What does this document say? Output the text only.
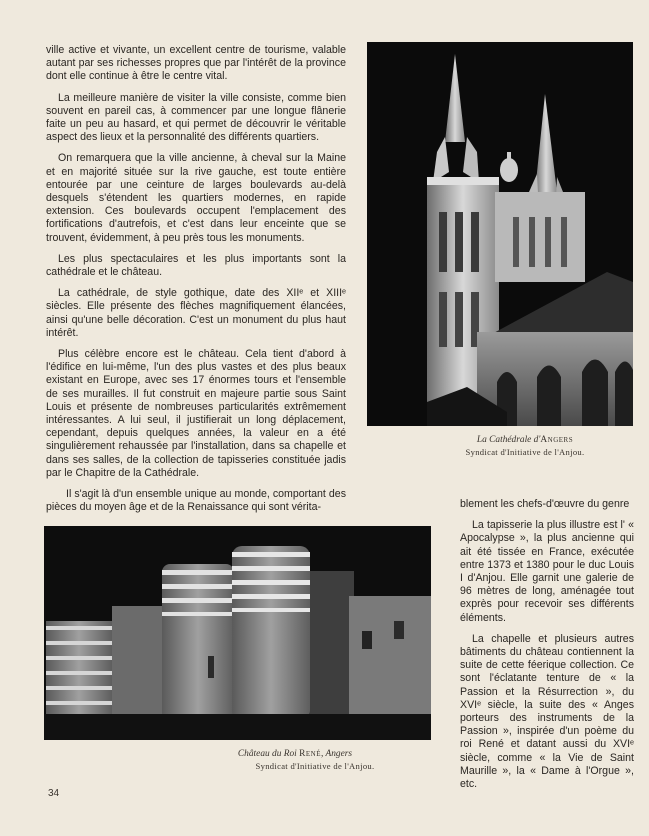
ville active et vivante, un excellent centre de tourisme, valable autant par ses richesses propres que par l'intérêt de la province dont elle continue à être le centre vital.

La meilleure manière de visiter la ville consiste, comme bien souvent en pareil cas, à commencer par une longue flânerie faite un peu au hasard, et qui permet de découvrir le véritable aspect des lieux et la personnalité des différents quartiers.

On remarquera que la ville ancienne, à cheval sur la Maine et en majorité située sur la rive gauche, est toute entière entourée par une ceinture de larges boulevards au-delà desquels s'étendent les quartiers modernes, en rapide extension. Ces boulevards occupent l'emplacement des fortifications d'autrefois, et c'est dans leur enceinte que se trouvent, évidemment, à peu près tous les monuments.

Les plus spectaculaires et les plus importants sont la cathédrale et le château.

La cathédrale, de style gothique, date des XIIᵉ et XIIIᵉ siècles. Elle présente des flèches magnifiquement élancées, ainsi qu'une belle décoration. C'est un monument du plus haut intérêt.

Plus célèbre encore est le château. Cela tient d'abord à l'édifice en lui-même, l'un des plus vastes et des plus beaux existant en Europe, avec ses 17 énormes tours et l'ensemble de ses murailles. Il fut construit en majeure partie sous Saint Louis et présente de nombreuses particularités extrêmement intéressantes. A lui seul, il justifierait un long déplacement, cependant, depuis quelques années, la valeur en a été singulièrement rehaussée par l'installation, dans sa chapelle et dans ses salles, de la collection de tapisseries constituée jadis par le Chapitre de la Cathédrale.

Il s'agit là d'un ensemble unique au monde, comportant des pièces du moyen âge et de la Renaissance qui sont vérita-

La Cathédrale d'Angers
Syndicat d'Initiative de l'Anjou.
Château du Roi René, Angers
Syndicat d'Initiative de l'Anjou.

blement les chefs-d'œuvre du genre

La tapisserie la plus illustre est l' « Apocalypse », la plus ancienne qui ait été tissée en France, exécutée entre 1373 et 1380 pour le duc Louis I d'Anjou. Elle garnit une galerie de 96 mètres de long, aménagée tout exprès pour recevoir ses différents éléments.

La chapelle et plusieurs autres bâtiments du château contiennent la suite de cette féerique collection. Ce sont l'éclatante tenture de « la Passion et la Résurrection », du XVIᵉ siècle, la suite des « Anges porteurs des instruments de la Passion », inspirée d'un poème du roi René et datant aussi du XVIᵉ siècle, comme « la Vie de Saint Maurille », la « Dame à l'Orgue », etc.

34
